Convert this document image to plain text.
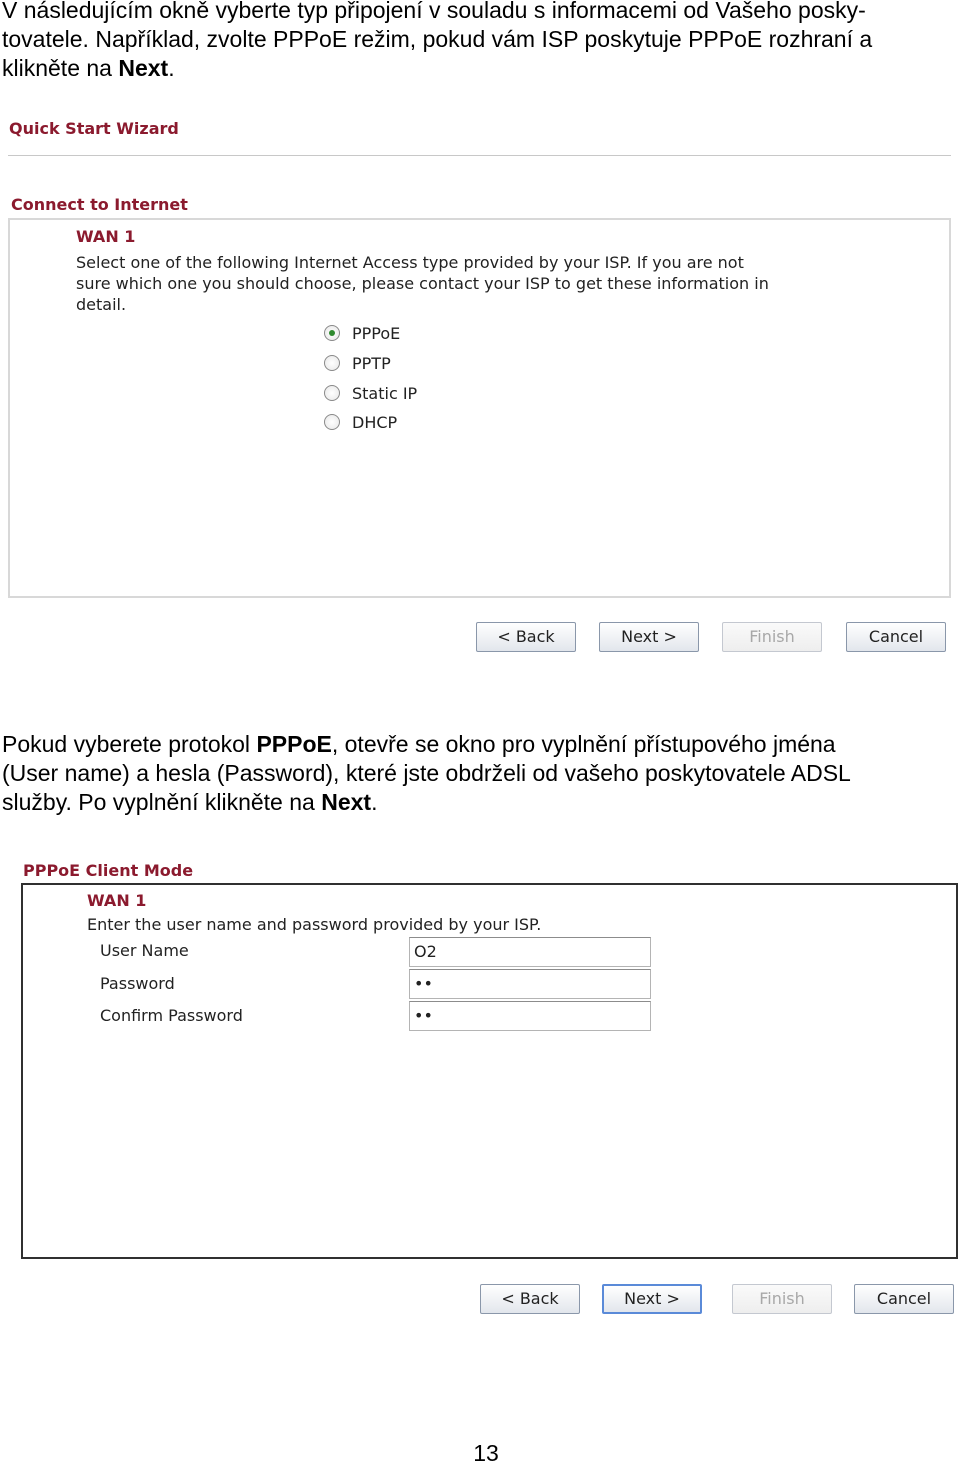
V následujícím okně vyberte typ připojení v souladu s informacemi od Vašeho posky-
tovatele. Například, zvolte PPPoE režim, pokud vám ISP poskytuje PPPoE rozhraní a
klikněte na Next.
Quick Start Wizard
Connect to Internet
WAN 1
Select one of the following Internet Access type provided by your ISP. If you are not
sure which one you should choose, please contact your ISP to get these information in
detail.
PPPoE
PPTP
Static IP
DHCP
< Back	Next >	Finish	Cancel
Pokud vyberete protokol PPPoE, otevře se okno pro vyplnění přístupového jména
(User name) a hesla (Password), které jste obdrželi od vašeho poskytovatele ADSL
služby. Po vyplnění klikněte na Next.
PPPoE Client Mode
WAN 1
Enter the user name and password provided by your ISP.
User Name	O2
Password	••
Confirm Password	••
< Back	Next >	Finish	Cancel
13
